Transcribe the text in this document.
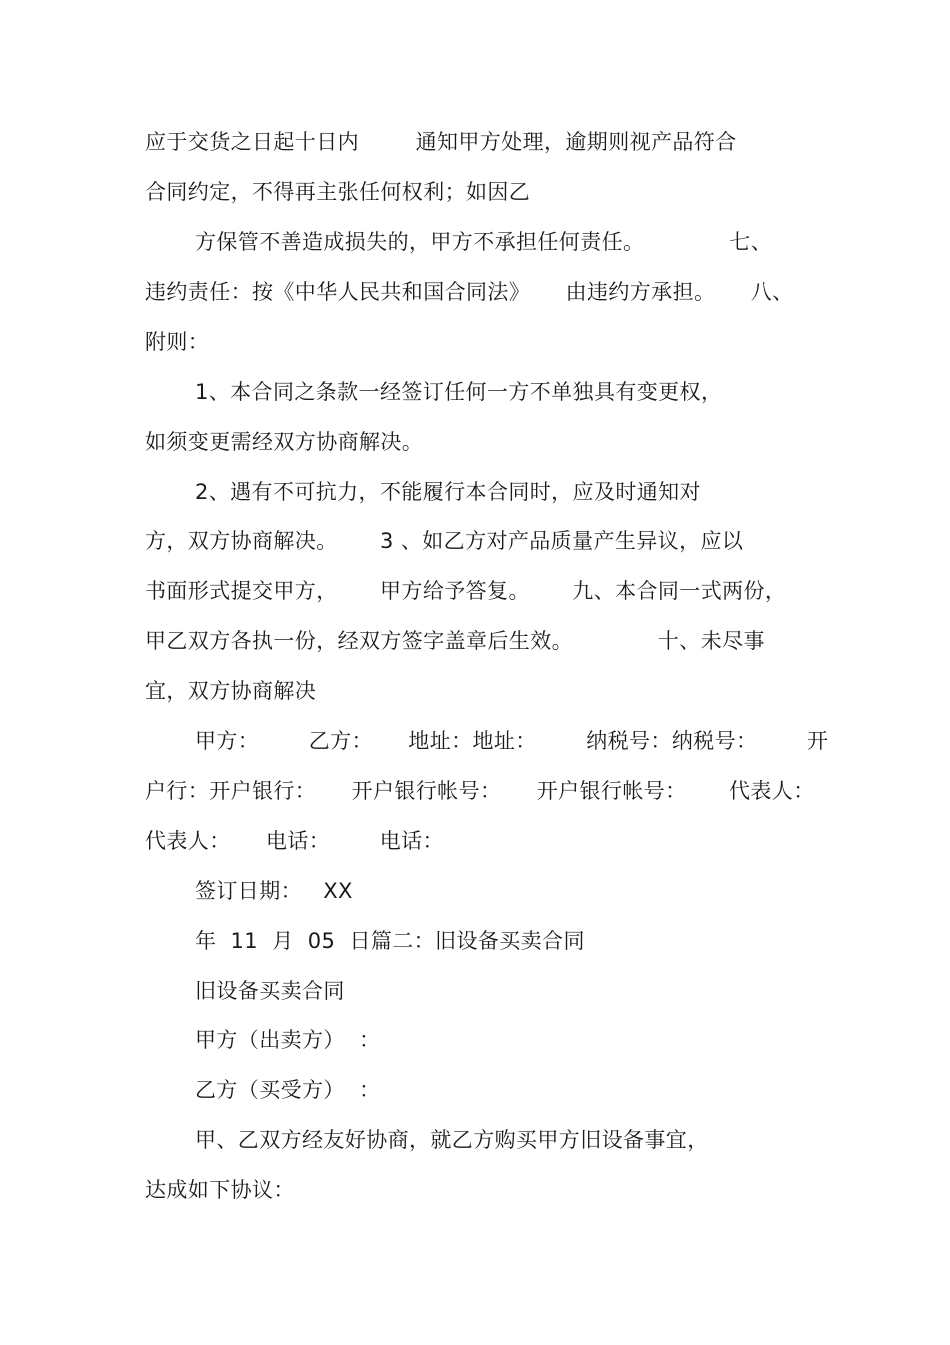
应于交货之日起十日内        通知甲方处理，逾期则视产品符合
合同约定，不得再主张任何权利；如因乙
方保管不善造成损失的，甲方不承担任何责任。            七、
违约责任：按《中华人民共和国合同法》     由违约方承担。     八、
附则：
1、本合同之条款一经签订任何一方不单独具有变更权，
如须变更需经双方协商解决。
2、遇有不可抗力，不能履行本合同时，应及时通知对
方，双方协商解决。      3 、如乙方对产品质量产生异议，应以
书面形式提交甲方，      甲方给予答复。      九、本合同一式两份，
甲乙双方各执一份，经双方签字盖章后生效。            十、未尽事
宜，双方协商解决
甲方：       乙方：     地址：地址：       纳税号：纳税号：       开
户行：开户银行：     开户银行帐号：     开户银行帐号：      代表人：
代表人：     电话：       电话：
签订日期：   XX
年  11  月  05  日篇二：旧设备买卖合同
旧设备买卖合同
甲方（出卖方）  ：
乙方（买受方）  ：
甲、乙双方经友好协商，就乙方购买甲方旧设备事宜，
达成如下协议：
